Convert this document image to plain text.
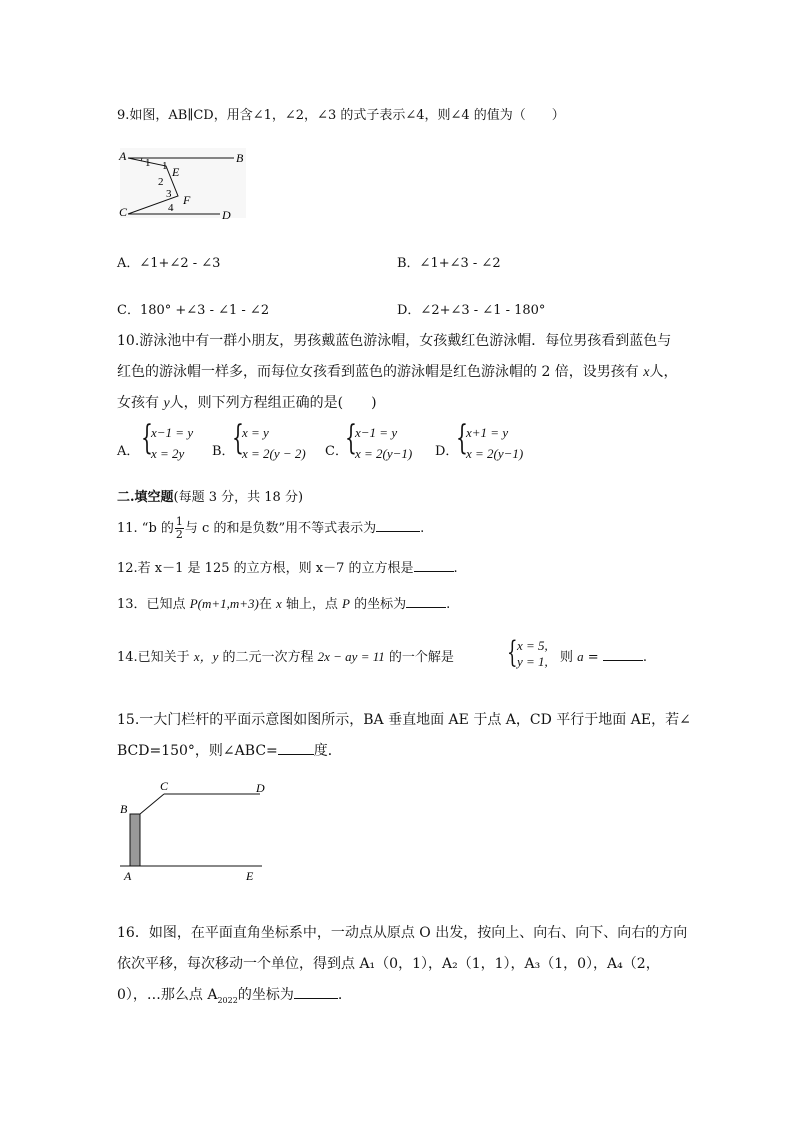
9.如图，AB∥CD，用含∠1，∠2，∠3 的式子表示∠4，则∠4 的值为（　　）
A	B
C	D
E
F
1 1
2
3
4
A．∠1+∠2 - ∠3	B．∠1+∠3 - ∠2
C．180° +∠3 - ∠1 - ∠2	D．∠2+∠3 - ∠1 - 180°
10.游泳池中有一群小朋友，男孩戴蓝色游泳帽，女孩戴红色游泳帽．每位男孩看到蓝色与
红色的游泳帽一样多，而每位女孩看到蓝色的游泳帽是红色游泳帽的 2 倍，设男孩有 x人，
女孩有 y人，则下列方程组正确的是(　　)
A． {
x−1 = y
x = 2y B．
{
x = y
x = 2(y − 2) C．
{
x−1 = y
x = 2(y−1) D．
{
x+1 = y
x = 2(y−1)
二.填空题(每题 3 分，共 18 分)
11. “b 的 $\frac{1}{2}$ 与 c 的和是负数”用不等式表示为	.
12.若 x－1 是 125 的立方根，则 x－7 的立方根是	.
13．已知点 P(m+1,m+3)在 x 轴上，点 P 的坐标为	.
14.已知关于 x，y 的二元一次方程 2x − ay = 11 的一个解是 { x = 5,
y = 1, 则 a =	.
15.一大门栏杆的平面示意图如图所示，BA 垂直地面 AE 于点 A，CD 平行于地面 AE，若∠
BCD=150°，则∠ABC=	度．
B
C	D
A	E
16．如图，在平面直角坐标系中，一动点从原点 O 出发，按向上、向右、向下、向右的方向
依次平移，每次移动一个单位，得到点 A₁（0，1），A₂（1，1），A₃（1，0），A₄（2，
0），…那么点 $A_{2022}$的坐标为	.
